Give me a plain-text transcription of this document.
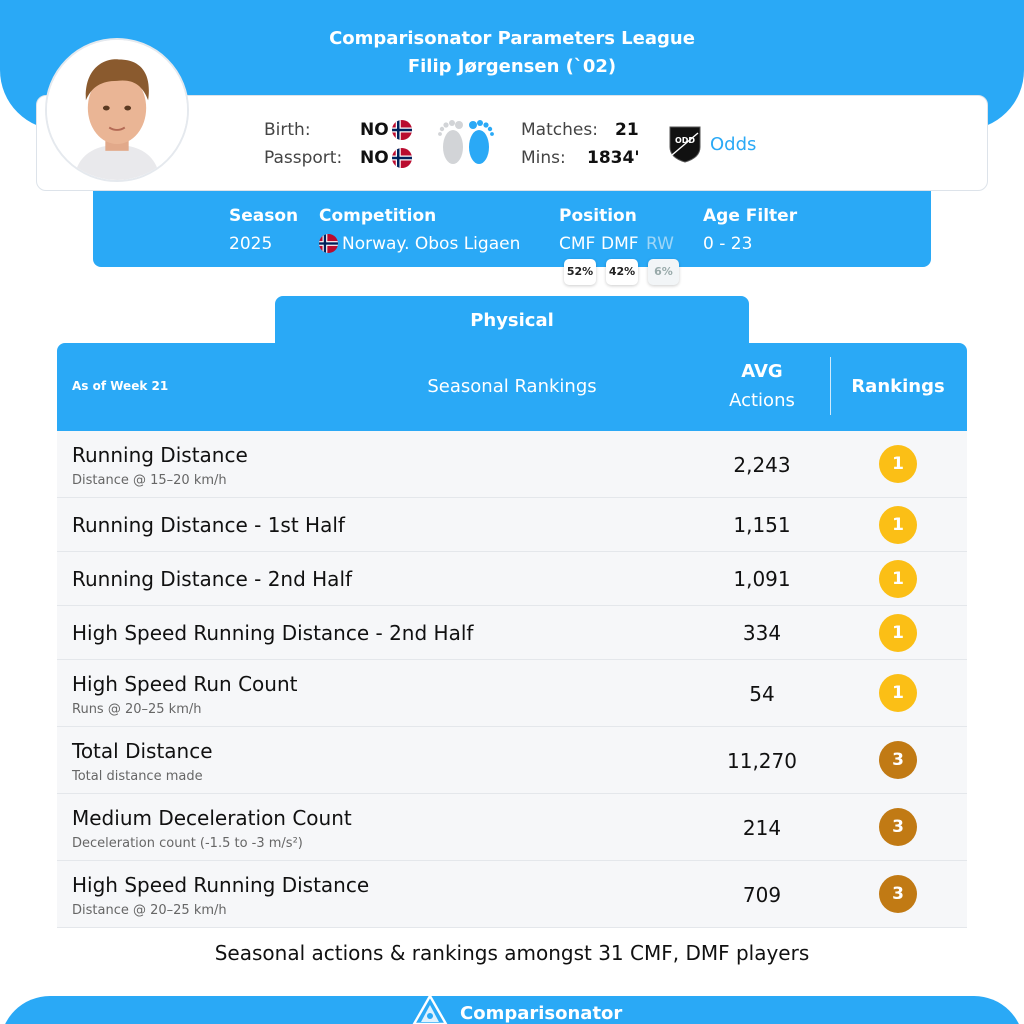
Comparisonator Parameters League
Filip Jørgensen (`02)
Birth:	NO
Passport: NO
Matches: 21
Mins: 1834'
ODD Odds
Season
2025
Competition
Norway. Obos Ligaen
Position
CMF DMF RW
52% 42%	6%
Age Filter
0 - 23
Physical
As of Week 21	Seasonal Rankings
AVG
Actions
Rankings
Running Distance
Distance @ 15–20 km/h
2,243	1
Running Distance - 1st Half	1,151	1
Running Distance - 2nd Half	1,091	1
High Speed Running Distance - 2nd Half	334	1
High Speed Run Count
Runs @ 20–25 km/h
54	1
Total Distance
Total distance made
11,270	3
Medium Deceleration Count
Deceleration count (-1.5 to -3 m/s²)
214	3
High Speed Running Distance
Distance @ 20–25 km/h
709	3
Seasonal actions & rankings amongst 31 CMF, DMF players
Comparisonator
